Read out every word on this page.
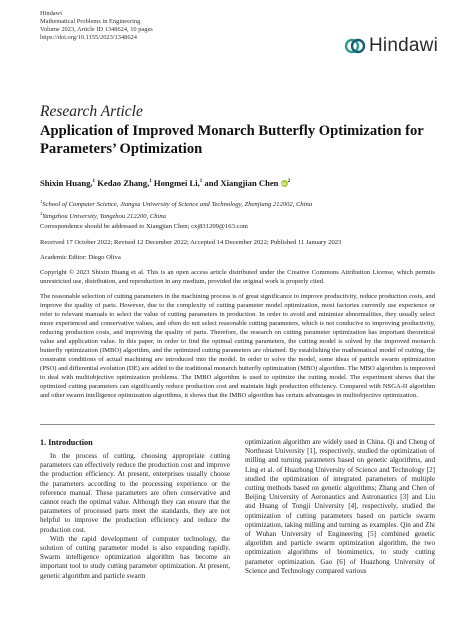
Hindawi
Mathematical Problems in Engineering
Volume 2023, Article ID 1348624, 10 pages
https://doi.org/10.1155/2023/1348624	Hindawi
Research Article
Application of Improved Monarch Butterfly Optimization for Parameters’ Optimization
Shixin Huang,$^1$ Kedao Zhang,$^1$ Hongmei Li,$^1$ and Xiangjian Chen iD $^2$
$^1$School of Computer Science, Jiangsu University of Science and Technology, Zhenjiang 212002, China
$^2$Yangzhou University, Yangzhou 212200, China
Correspondence should be addressed to Xiangjian Chen; cxj831209@163.com
Received 17 October 2022; Revised 12 December 2022; Accepted 14 December 2022; Published 11 January 2023
Academic Editor: Diego Oliva
Copyright © 2023 Shixin Huang et al. This is an open access article distributed under the Creative Commons Attribution License, which permits unrestricted use, distribution, and reproduction in any medium, provided the original work is properly cited.
The reasonable selection of cutting parameters in the machining process is of great significance to improve productivity, reduce production costs, and improve the quality of parts. However, due to the complexity of cutting parameter model optimization, most factories currently use experience or refer to relevant manuals to select the value of cutting parameters in production. In order to avoid and minimize abnormalities, they usually select more experienced and conservative values, and often do not select reasonable cutting parameters, which is not conducive to improving productivity, reducing production costs, and improving the quality of parts. Therefore, the research on cutting parameter optimization has important theoretical value and application value. In this paper, in order to find the optimal cutting parameters, the cutting model is solved by the improved monarch butterfly optimization (IMBO) algorithm, and the optimized cutting parameters are obtained. By establishing the mathematical model of cutting, the constraint conditions of actual machining are introduced into the model. In order to solve the model, some ideas of particle swarm optimization (PSO) and differential evolution (DE) are added to the traditional monarch butterfly optimization (MBO) algorithm. The MBO algorithm is improved to deal with multiobjective optimization problems. The IMBO algorithm is used to optimize the cutting model. The experiment shows that the optimized cutting parameters can significantly reduce production cost and maintain high production efficiency. Compared with NSGA-II algorithm and other swarm intelligence optimization algorithms, it shows that the IMBO algorithm has certain advantages in multiobjective optimization.
1. Introduction

In the process of cutting, choosing appropriate cutting parameters can effectively reduce the production cost and improve the production efficiency. At present, enterprises usually choose the parameters according to the processing experience or the reference manual. These parameters are often conservative and cannot reach the optimal value. Although they can ensure that the parameters of processed parts meet the standards, they are not helpful to improve the production efficiency and reduce the production cost.

With the rapid development of computer technology, the solution of cutting parameter model is also expanding rapidly. Swarm intelligence optimization algorithm has become an important tool to study cutting parameter optimization. At present, genetic algorithm and particle swarm

optimization algorithm are widely used in China. Qi and Cheng of Northeast University [1], respectively, studied the optimization of milling and turning parameters based on genetic algorithms, and Ling et al. of Huazhong University of Science and Technology [2] studied the optimization of integrated parameters of multiple cutting methods based on genetic algorithms; Zhang and Chen of Beijing University of Aeronautics and Astronautics [3] and Liu and Huang of Tongji University [4], respectively, studied the optimization of cutting parameters based on particle swarm optimization, taking milling and turning as examples. Qin and Zhi of Wuhan University of Engineering [5] combined genetic algorithm and particle swarm optimization algorithm, the two optimization algorithms of biomimetics, to study cutting parameter optimization. Gao [6] of Huazhong University of Science and Technology compared various
